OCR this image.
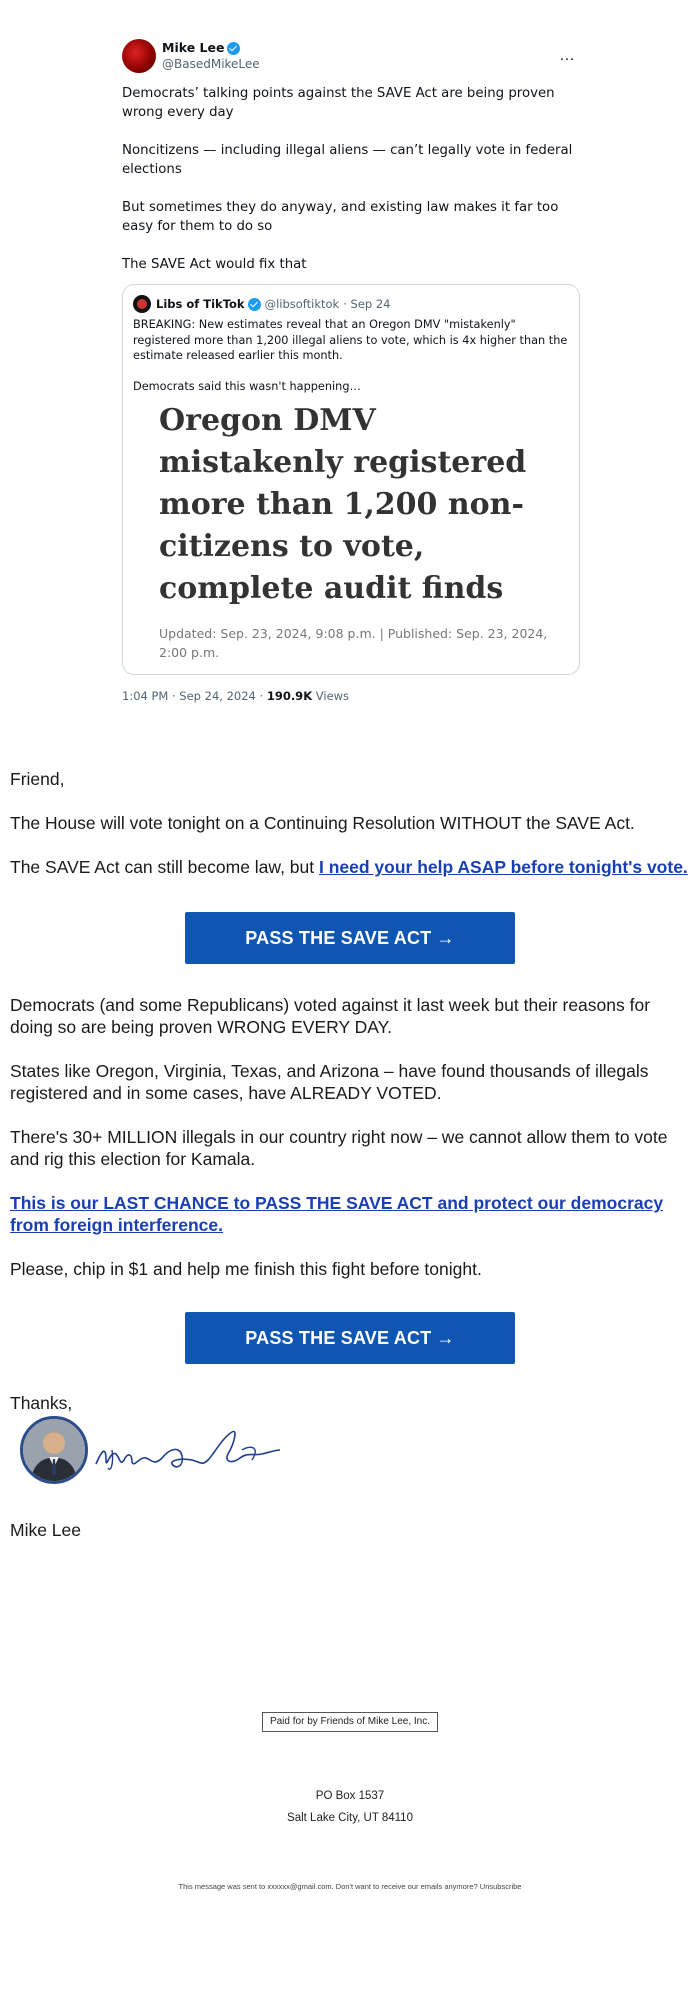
Mike Lee
@BasedMikeLee	…

Democrats’ talking points against the SAVE Act are being proven wrong every day

Noncitizens — including illegal aliens — can’t legally vote in federal elections

But sometimes they do anyway, and existing law makes it far too easy for them to do so

The SAVE Act would fix that

Libs of TikTok @libsoftiktok · Sep 24

BREAKING: New estimates reveal that an Oregon DMV "mistakenly" registered more than 1,200 illegal aliens to vote, which is 4x higher than the estimate released earlier this month.

Democrats said this wasn't happening…

Oregon DMV mistakenly registered more than 1,200 non-citizens to vote, complete audit finds
Updated: Sep. 23, 2024, 9:08 p.m. | Published: Sep. 23, 2024, 2:00 p.m.
1:04 PM · Sep 24, 2024 · 190.9K Views

Friend,

The House will vote tonight on a Continuing Resolution WITHOUT the SAVE Act.

The SAVE Act can still become law, but I need your help ASAP before tonight's vote.

PASS THE SAVE ACT →

Democrats (and some Republicans) voted against it last week but their reasons for doing so are being proven WRONG EVERY DAY.

States like Oregon, Virginia, Texas, and Arizona – have found thousands of illegals registered and in some cases, have ALREADY VOTED.

There's 30+ MILLION illegals in our country right now – we cannot allow them to vote and rig this election for Kamala.

This is our LAST CHANCE to PASS THE SAVE ACT and protect our democracy from foreign interference.

Please, chip in $1 and help me finish this fight before tonight.

PASS THE SAVE ACT →

Thanks,

Mike Lee

Paid for by Friends of Mike Lee, Inc.
PO Box 1537
Salt Lake City, UT 84110
This message was sent to xxxxxx@gmail.com. Don't want to receive our emails anymore? Unsubscribe
